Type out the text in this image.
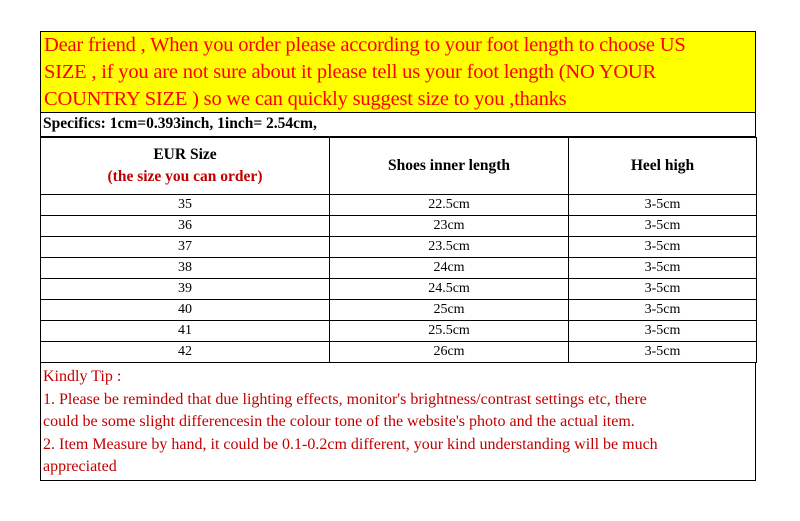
Dear friend , When you order please according to your foot length to choose US
SIZE , if you are not sure about it please tell us your foot length (NO YOUR
COUNTRY SIZE ) so we can quickly suggest size to you ,thanks
Specifics: 1cm=0.393inch, 1inch= 2.54cm,
EUR Size
(the size you can order)	Shoes inner length	Heel high
35	22.5cm	3-5cm
36	23cm	3-5cm
37	23.5cm	3-5cm
38	24cm	3-5cm
39	24.5cm	3-5cm
40	25cm	3-5cm
41	25.5cm	3-5cm
42	26cm	3-5cm
Kindly Tip :
1. Please be reminded that due lighting effects, monitor's brightness/contrast settings etc, there
could be some slight differencesin the colour tone of the website's photo and the actual item.
2. Item Measure by hand, it could be 0.1-0.2cm different, your kind understanding will be much
appreciated
